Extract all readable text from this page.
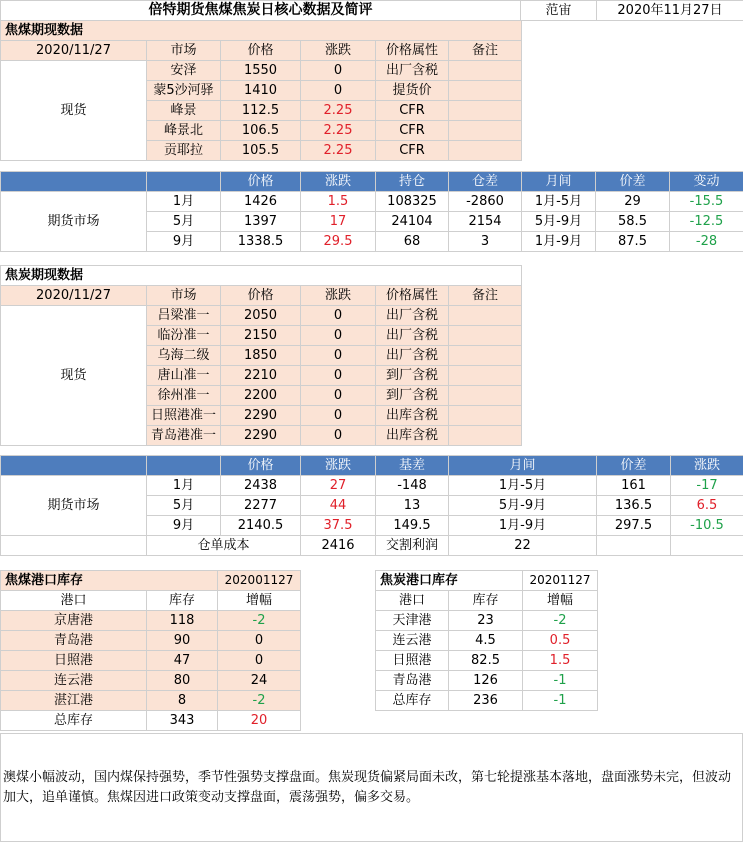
倍特期货焦煤焦炭日核心数据及简评	范宙	2020年11月27日
焦煤期现数据					
2020/11/27	市场	价格	涨跌	价格属性	备注
现货	安泽	1550	0	出厂含税	
	蒙5沙河驿	1410	0	提货价	
	峰景	112.5	2.25	CFR	
	峰景北	106.5	2.25	CFR	
	贡耶拉	105.5	2.25	CFR	
		价格	涨跌	持仓	仓差	月间	价差	变动
期货市场	1月	1426	1.5	108325	-2860	1月-5月	29	-15.5
	5月	1397	17	24104	2154	5月-9月	58.5	-12.5
	9月	1338.5	29.5	68	3	1月-9月	87.5	-28
焦炭期现数据					
2020/11/27	市场	价格	涨跌	价格属性	备注
现货	吕梁准一	2050	0	出厂含税	
	临汾准一	2150	0	出厂含税	
	乌海二级	1850	0	出厂含税	
	唐山准一	2210	0	到厂含税	
	徐州准一	2200	0	到厂含税	
	日照港准一	2290	0	出库含税	
	青岛港准一	2290	0	出库含税	
		价格	涨跌	基差	月间	价差	涨跌
期货市场	1月	2438	27	-148	1月-5月	161	-17
	5月	2277	44	13	5月-9月	136.5	6.5
	9月	2140.5	37.5	149.5	1月-9月	297.5	-10.5
	仓单成本		2416	交割利润	22		
焦煤港口库存		202001127
港口	库存	增幅
京唐港	118	-2
青岛港	90	0
日照港	47	0
连云港	80	24
湛江港	8	-2
总库存	343	20
焦炭港口库存		20201127
港口	库存	增幅
天津港	23	-2
连云港	4.5	0.5
日照港	82.5	1.5
青岛港	126	-1
总库存	236	-1
澳煤小幅波动，国内煤保持强势，季节性强势支撑盘面。焦炭现货偏紧局面未改，第七轮提涨基本落地，盘面涨势未完，但波动加大，追单谨慎。焦煤因进口政策变动支撑盘面，震荡强势，偏多交易。
